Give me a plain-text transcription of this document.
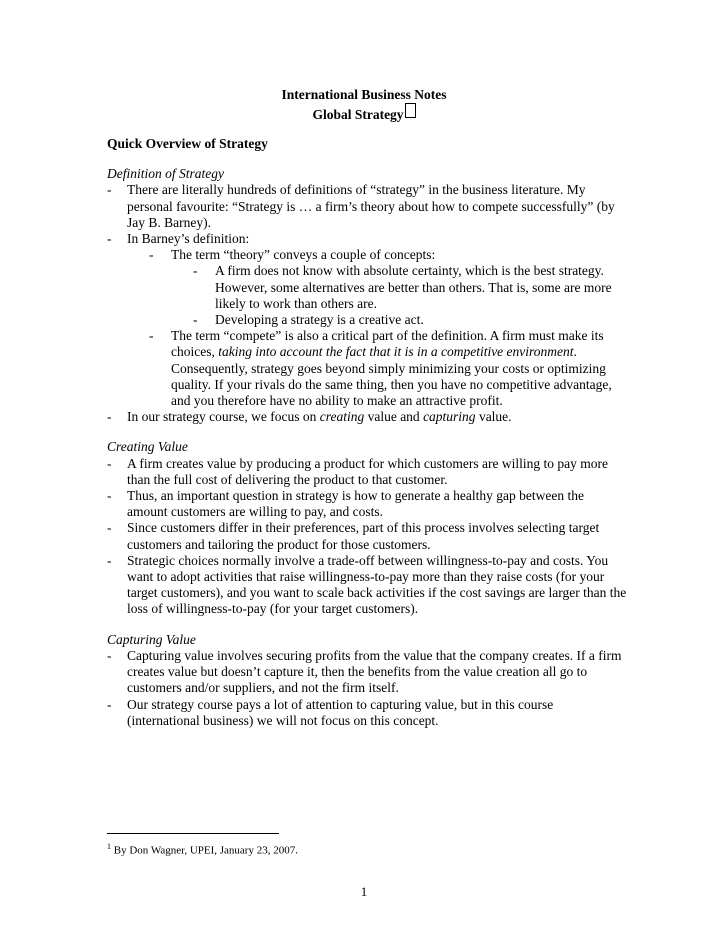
International Business Notes
Global Strategy
Quick Overview of Strategy
Definition of Strategy
- There are literally hundreds of definitions of “strategy” in the business literature. My personal favourite: “Strategy is … a firm’s theory about how to compete successfully” (by Jay B. Barney).
- In Barney’s definition:
- The term “theory” conveys a couple of concepts:
- A firm does not know with absolute certainty, which is the best strategy. However, some alternatives are better than others. That is, some are more likely to work than others are.
- Developing a strategy is a creative act.
- The term “compete” is also a critical part of the definition. A firm must make its choices, taking into account the fact that it is in a competitive environment. Consequently, strategy goes beyond simply minimizing your costs or optimizing quality. If your rivals do the same thing, then you have no competitive advantage, and you therefore have no ability to make an attractive profit.
- In our strategy course, we focus on creating value and capturing value.
Creating Value
- A firm creates value by producing a product for which customers are willing to pay more than the full cost of delivering the product to that customer.
- Thus, an important question in strategy is how to generate a healthy gap between the amount customers are willing to pay, and costs.
- Since customers differ in their preferences, part of this process involves selecting target customers and tailoring the product for those customers.
- Strategic choices normally involve a trade-off between willingness-to-pay and costs. You want to adopt activities that raise willingness-to-pay more than they raise costs (for your target customers), and you want to scale back activities if the cost savings are larger than the loss of willingness-to-pay (for your target customers).
Capturing Value
- Capturing value involves securing profits from the value that the company creates. If a firm creates value but doesn’t capture it, then the benefits from the value creation all go to customers and/or suppliers, and not the firm itself.
- Our strategy course pays a lot of attention to capturing value, but in this course (international business) we will not focus on this concept.
$^1$ By Don Wagner, UPEI, January 23, 2007.
1
